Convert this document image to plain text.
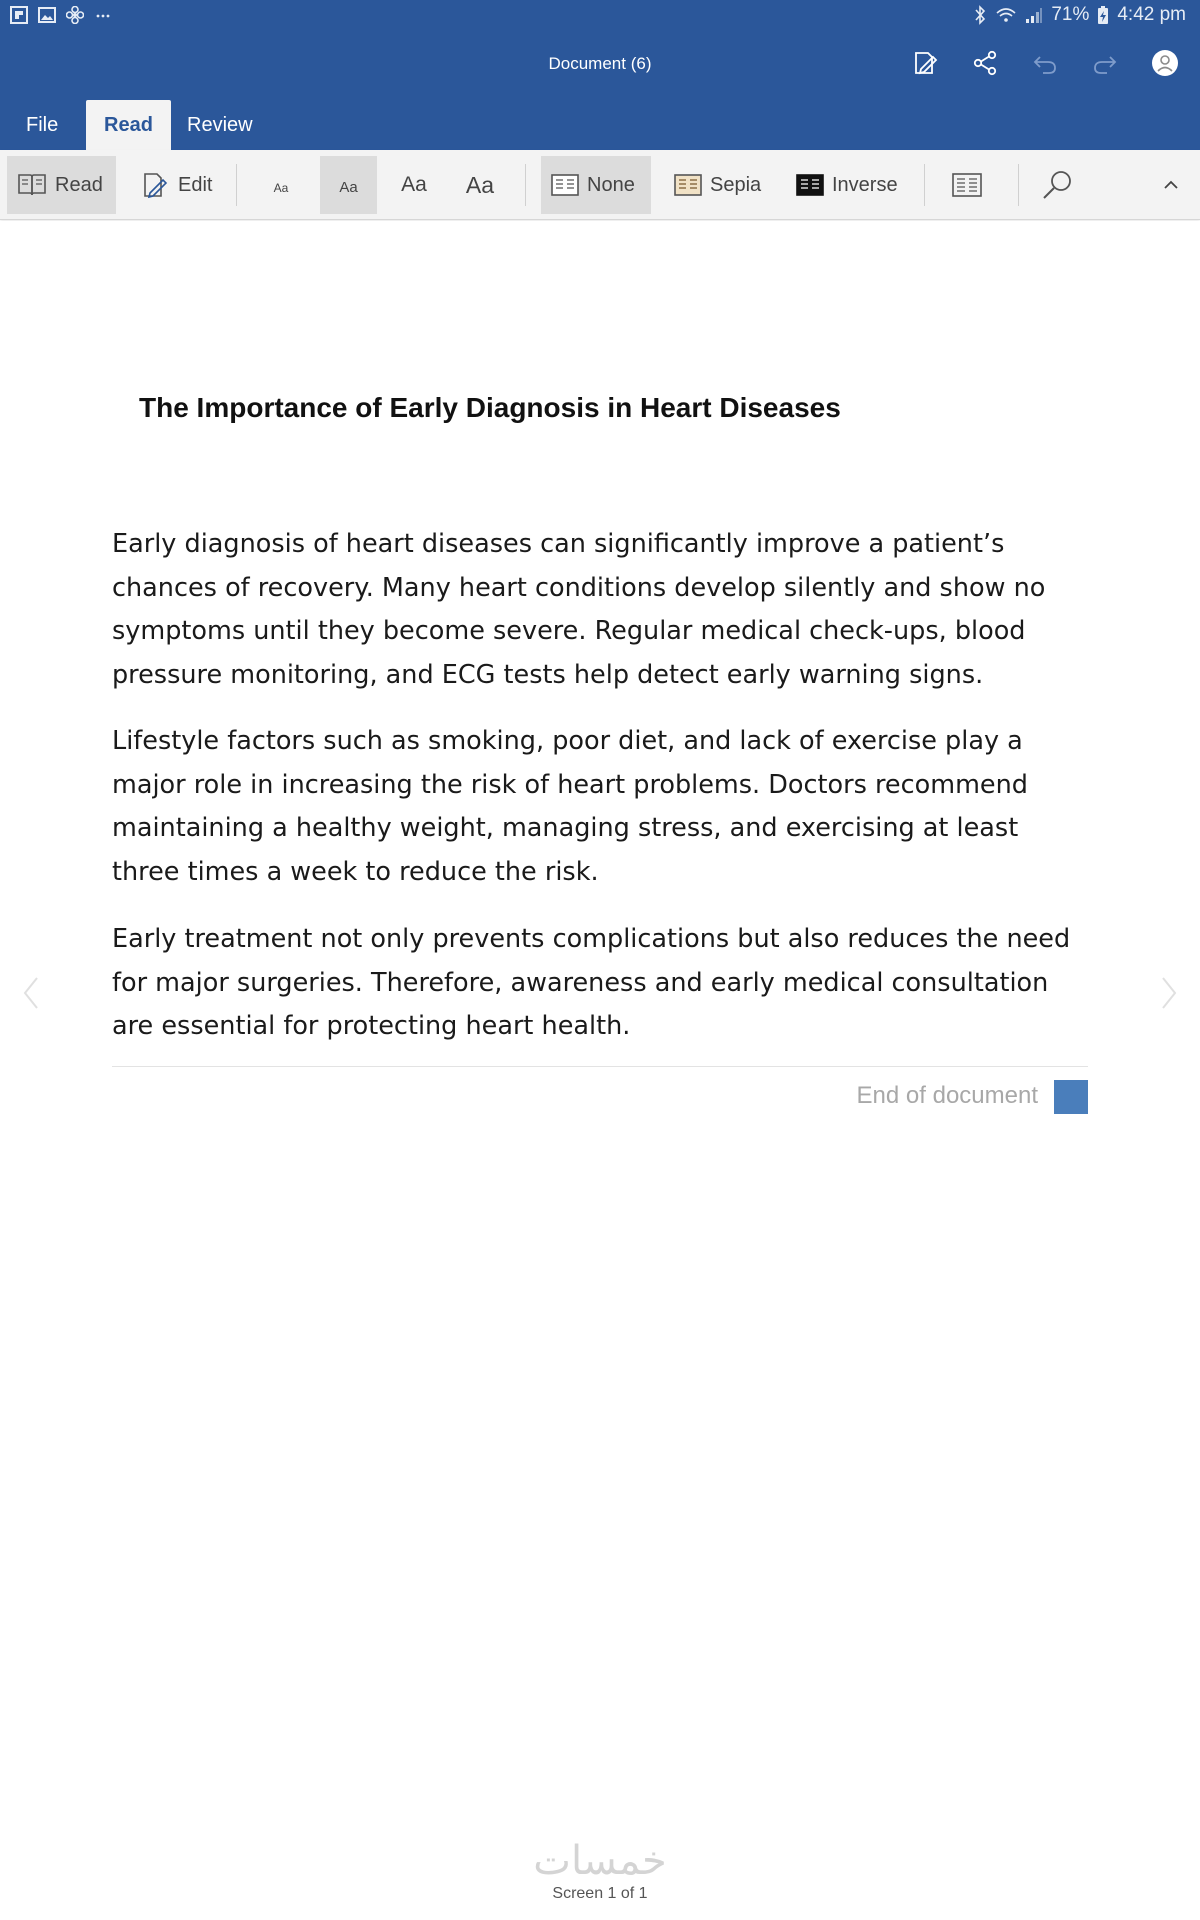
71% 4:42 pm
Document (6)
File	Read	Review
Read	Edit	Aa	Aa	Aa	Aa	None	Sepia	Inverse
The Importance of Early Diagnosis in Heart Diseases
Early diagnosis of heart diseases can significantly improve a patient’s chances of recovery. Many heart conditions develop silently and show no symptoms until they become severe. Regular medical check-ups, blood pressure monitoring, and ECG tests help detect early warning signs.
Lifestyle factors such as smoking, poor diet, and lack of exercise play a major role in increasing the risk of heart problems. Doctors recommend maintaining a healthy weight, managing stress, and exercising at least three times a week to reduce the risk.
Early treatment not only prevents complications but also reduces the need for major surgeries. Therefore, awareness and early medical consultation are essential for protecting heart health.
End of document
خمسات
Screen 1 of 1
